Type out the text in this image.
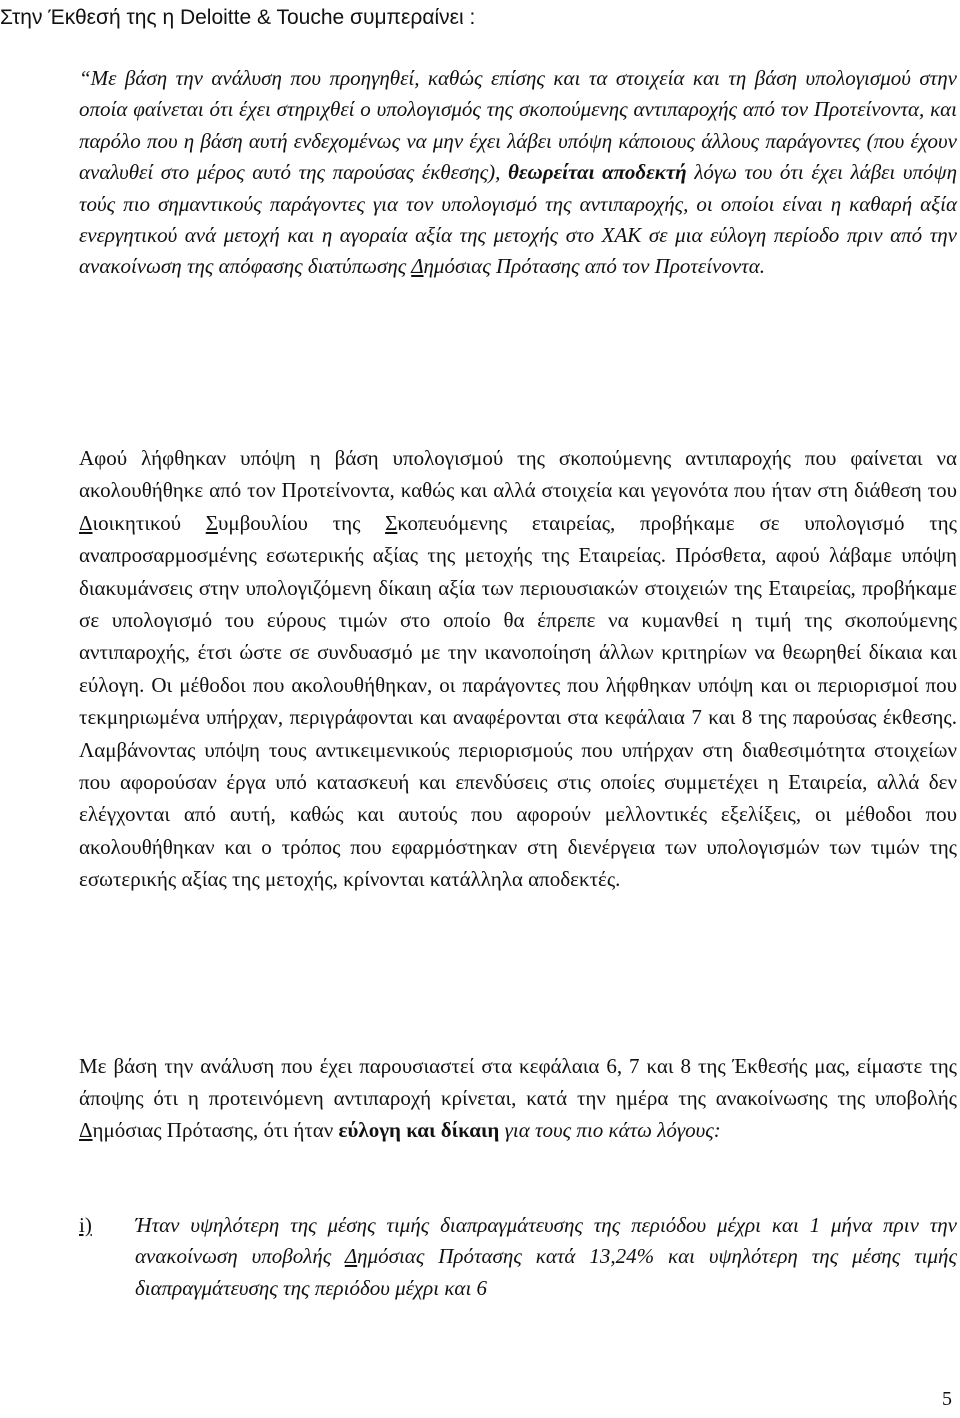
Στην Έκθεσή της η Deloitte & Touche συμπεραίνει :
“Με βάση την ανάλυση που προηγηθεί, καθώς επίσης και τα στοιχεία και τη βάση υπολογισμού στην οποία φαίνεται ότι έχει στηριχθεί ο υπολογισμός της σκοπούμενης αντιπαροχής από τον Προτείνοντα, και παρόλο που η βάση αυτή ενδεχομένως να μην έχει λάβει υπόψη κάποιους άλλους παράγοντες (που έχουν αναλυθεί στο μέρος αυτό της παρούσας έκθεσης), θεωρείται αποδεκτή λόγω του ότι έχει λάβει υπόψη τούς πιο σημαντικούς παράγοντες για τον υπολογισμό της αντιπαροχής, οι οποίοι είναι η καθαρή αξία ενεργητικού ανά μετοχή και η αγοραία αξία της μετοχής στο ΧΑΚ σε μια εύλογη περίοδο πριν από την ανακοίνωση της απόφασης διατύπωσης Δημόσιας Πρότασης από τον Προτείνοντα.
Αφού λήφθηκαν υπόψη η βάση υπολογισμού της σκοπούμενης αντιπαροχής που φαίνεται να ακολουθήθηκε από τον Προτείνοντα, καθώς και αλλά στοιχεία και γεγονότα που ήταν στη διάθεση του Διοικητικού Συμβουλίου της Σκοπευόμενης εταιρείας, προβήκαμε σε υπολογισμό της αναπροσαρμοσμένης εσωτερικής αξίας της μετοχής της Εταιρείας. Πρόσθετα, αφού λάβαμε υπόψη διακυμάνσεις στην υπολογιζόμενη δίκαιη αξία των περιουσιακών στοιχειών της Εταιρείας, προβήκαμε σε υπολογισμό του εύρους τιμών στο οποίο θα έπρεπε να κυμανθεί η τιμή της σκοπούμενης αντιπαροχής, έτσι ώστε σε συνδυασμό με την ικανοποίηση άλλων κριτηρίων να θεωρηθεί δίκαια και εύλογη. Οι μέθοδοι που ακολουθήθηκαν, οι παράγοντες που λήφθηκαν υπόψη και οι περιορισμοί που τεκμηριωμένα υπήρχαν, περιγράφονται και αναφέρονται στα κεφάλαια 7 και 8 της παρούσας έκθεσης. Λαμβάνοντας υπόψη τους αντικειμενικούς περιορισμούς που υπήρχαν στη διαθεσιμότητα στοιχείων που αφορούσαν έργα υπό κατασκευή και επενδύσεις στις οποίες συμμετέχει η Εταιρεία, αλλά δεν ελέγχονται από αυτή, καθώς και αυτούς που αφορούν μελλοντικές εξελίξεις, οι μέθοδοι που ακολουθήθηκαν και ο τρόπος που εφαρμόστηκαν στη διενέργεια των υπολογισμών των τιμών της εσωτερικής αξίας της μετοχής, κρίνονται κατάλληλα αποδεκτές.
Με βάση την ανάλυση που έχει παρουσιαστεί στα κεφάλαια 6, 7 και 8 της Έκθεσής μας, είμαστε της άποψης ότι η προτεινόμενη αντιπαροχή κρίνεται, κατά την ημέρα της ανακοίνωσης της υποβολής Δημόσιας Πρότασης, ότι ήταν εύλογη και δίκαιη για τους πιο κάτω λόγους:
i) Ήταν υψηλότερη της μέσης τιμής διαπραγμάτευσης της περιόδου μέχρι και 1 μήνα πριν την ανακοίνωση υποβολής Δημόσιας Πρότασης κατά 13,24% και υψηλότερη της μέσης τιμής διαπραγμάτευσης της περιόδου μέχρι και 6
5
